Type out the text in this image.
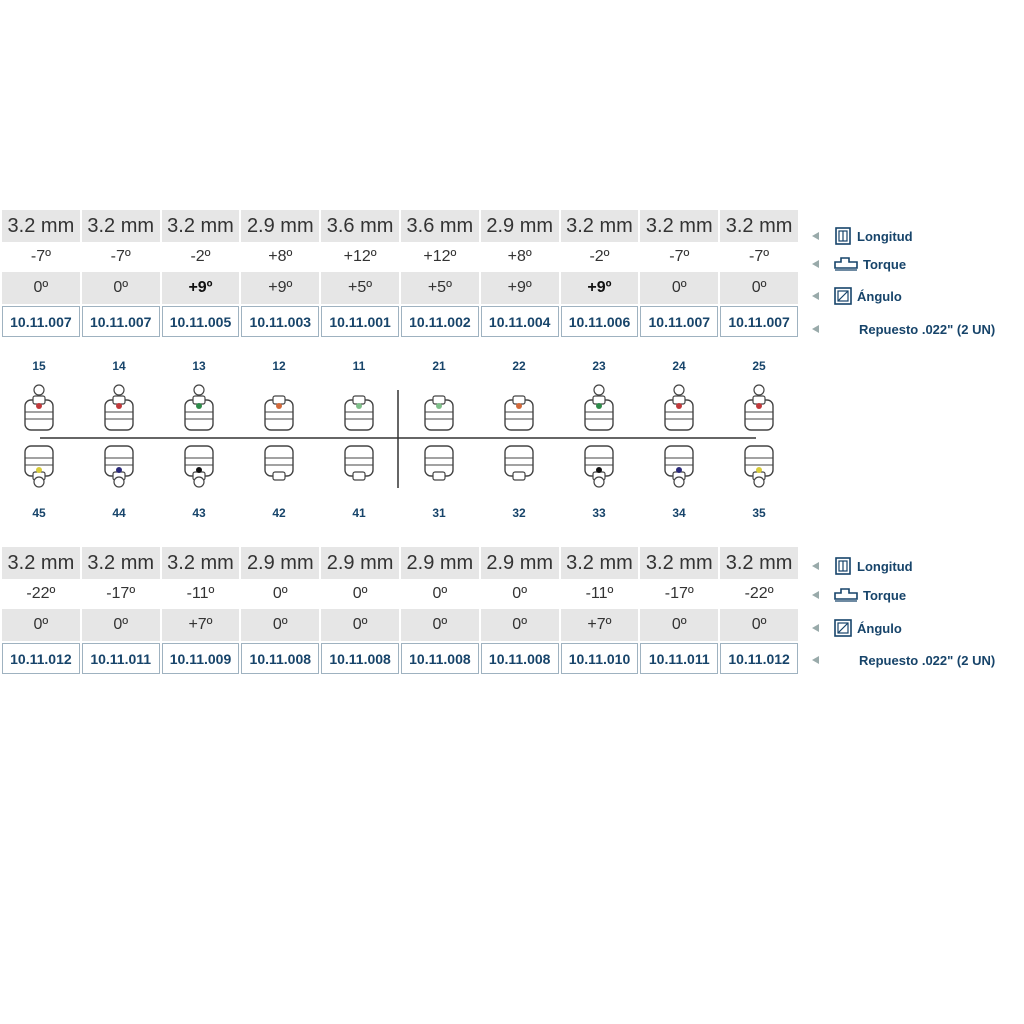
3.2 mm 3.2 mm 3.2 mm 2.9 mm 3.6 mm 3.6 mm 2.9 mm 3.2 mm 3.2 mm 3.2 mm
-7º	-7º	-2º	+8º	+12º	+12º	+8º	-2º	-7º	-7º
0º	0º	+9º	+9º	+5º	+5º	+9º	+9º	0º	0º
10.11.007	10.11.007	10.11.005	10.11.003	10.11.001	10.11.002	10.11.004	10.11.006	10.11.007	10.11.007
3.2 mm 3.2 mm 3.2 mm 2.9 mm 2.9 mm 2.9 mm 2.9 mm 3.2 mm 3.2 mm 3.2 mm
-22º	-17º	-11º	0º	0º	0º	0º	-11º	-17º	-22º
0º	0º	+7º	0º	0º	0º	0º	+7º	0º	0º
10.11.012	10.11.011	10.11.009	10.11.008	10.11.008	10.11.008	10.11.008	10.11.010	10.11.011	10.11.012
Longitud
Torque
Ángulo
Repuesto .022" (2 UN)
Longitud
Torque
Ángulo
Repuesto .022" (2 UN)
15	14	13	12	11	21	22	23	24	25
45	44	43	42	41	31	32	33	34	35
